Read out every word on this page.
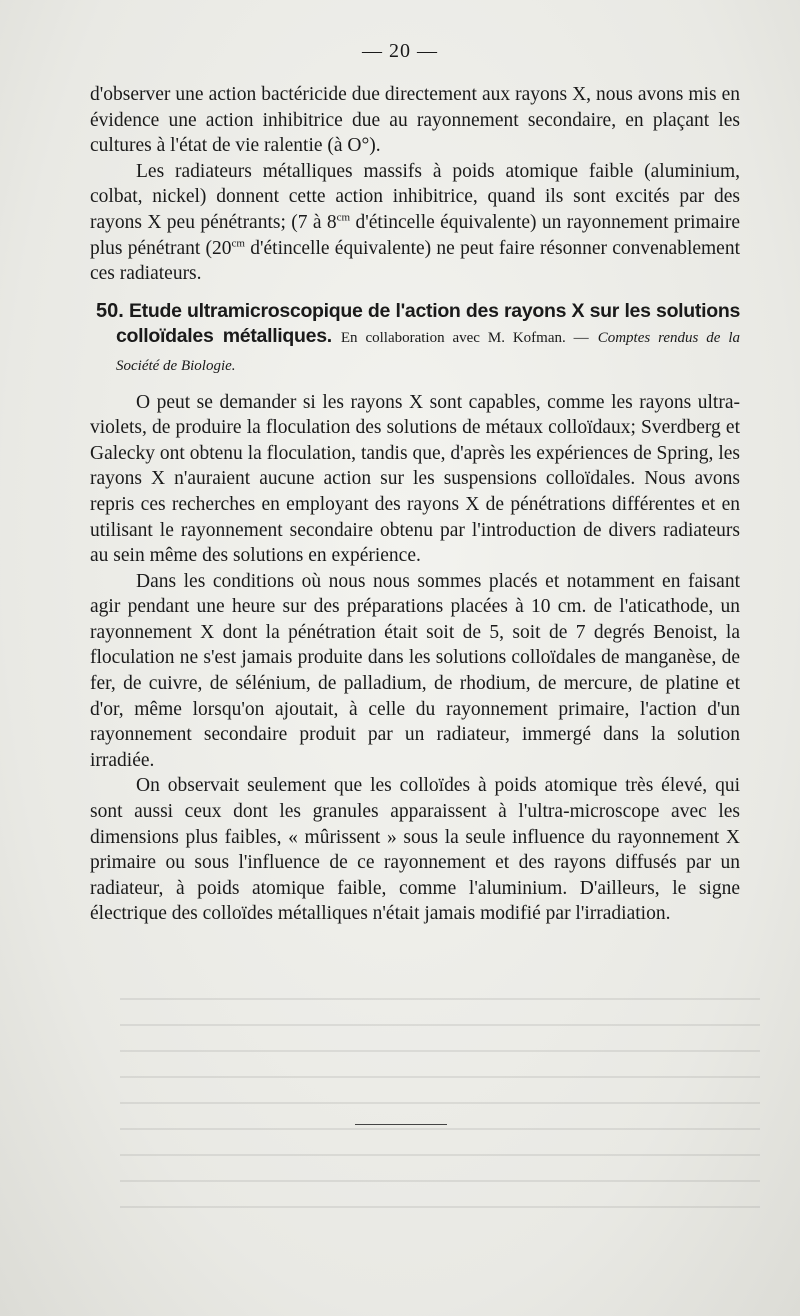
— 20 —

d'observer une action bactéricide due directement aux rayons X, nous avons mis en évidence une action inhibitrice due au rayonnement secondaire, en plaçant les cultures à l'état de vie ralentie (à O°).

Les radiateurs métalliques massifs à poids atomique faible (aluminium, colbat, nickel) donnent cette action inhibitrice, quand ils sont excités par des rayons X peu pénétrants; (7 à $8^{cm}$ d'étincelle équivalente) un rayonnement primaire plus pénétrant ($20^{cm}$ d'étincelle équivalente) ne peut faire résonner convenablement ces radiateurs.

50. Etude ultramicroscopique de l'action des rayons X sur les solutions colloïdales métalliques. En collaboration avec M. Kofman. — Comptes rendus de la Société de Biologie.

O peut se demander si les rayons X sont capables, comme les rayons ultra-violets, de produire la floculation des solutions de métaux colloïdaux; Sverdberg et Galecky ont obtenu la floculation, tandis que, d'après les expériences de Spring, les rayons X n'auraient aucune action sur les suspensions colloïdales. Nous avons repris ces recherches en employant des rayons X de pénétrations différentes et en utilisant le rayonnement secondaire obtenu par l'introduction de divers radiateurs au sein même des solutions en expérience.

Dans les conditions où nous nous sommes placés et notamment en faisant agir pendant une heure sur des préparations placées à 10 cm. de l'aticathode, un rayonnement X dont la pénétration était soit de 5, soit de 7 degrés Benoist, la floculation ne s'est jamais produite dans les solutions colloïdales de manganèse, de fer, de cuivre, de sélénium, de palladium, de rhodium, de mercure, de platine et d'or, même lorsqu'on ajoutait, à celle du rayonnement primaire, l'action d'un rayonnement secondaire produit par un radiateur, immergé dans la solution irradiée.

On observait seulement que les colloïdes à poids atomique très élevé, qui sont aussi ceux dont les granules apparaissent à l'ultra-microscope avec les dimensions plus faibles, « mûrissent » sous la seule influence du rayonnement X primaire ou sous l'influence de ce rayonnement et des rayons diffusés par un radiateur, à poids atomique faible, comme l'aluminium. D'ailleurs, le signe électrique des colloïdes métalliques n'était jamais modifié par l'irradiation.
